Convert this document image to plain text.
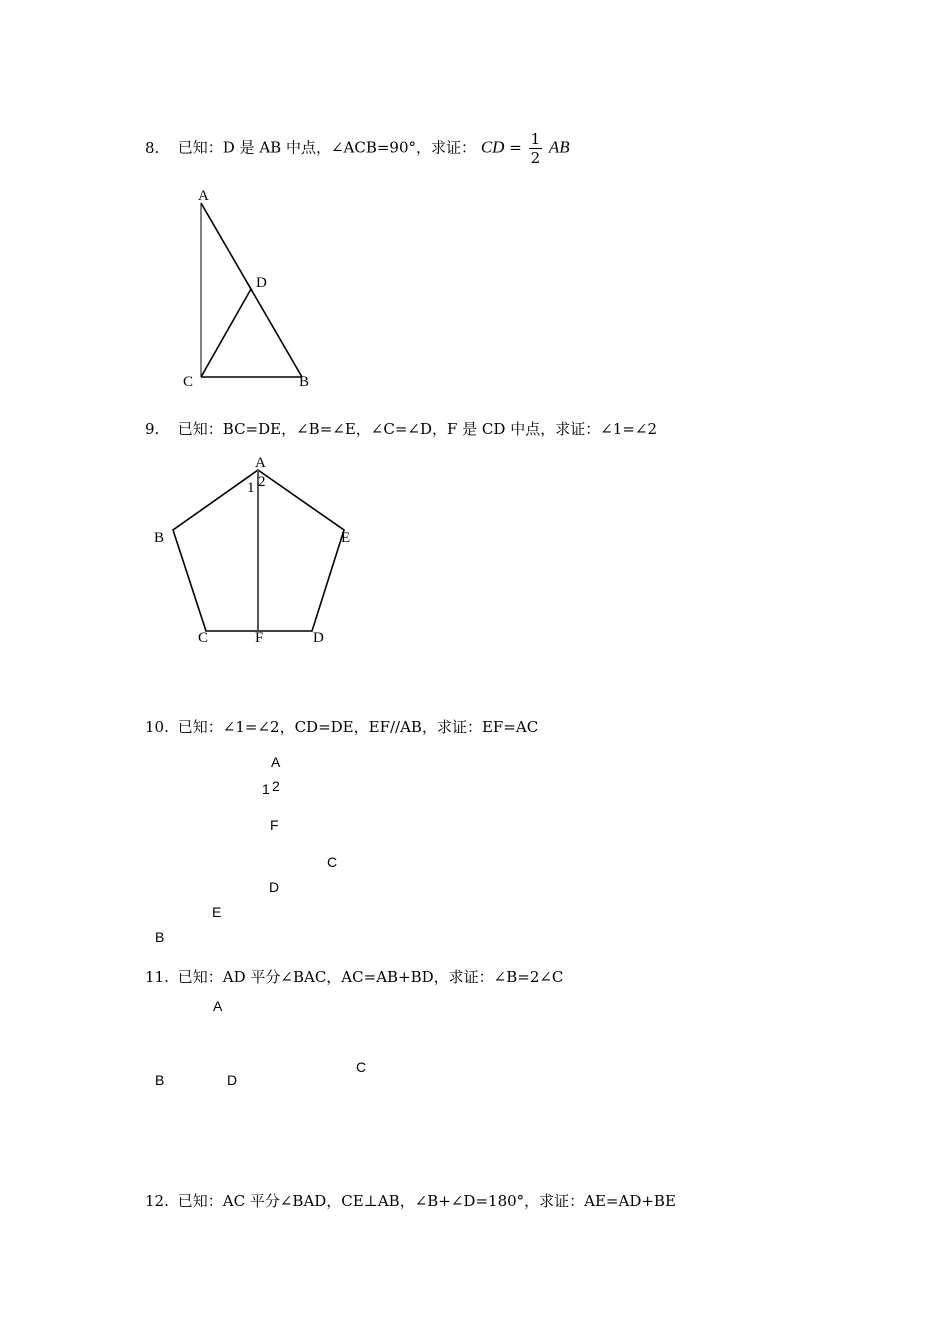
8. 已知：D 是 AB 中点，∠ACB=90°，求证： CD = $\frac{1}{2}$ AB
A
D
C	B
9. 已知：BC=DE，∠B=∠E，∠C=∠D，F 是 CD 中点，求证：∠1=∠2
A
1 2
B	E
C	F	D
10. 已知：∠1=∠2，CD=DE，EF//AB，求证：EF=AC
A
1 2
F
C
D
E
B
11. 已知：AD 平分∠BAC，AC=AB+BD，求证：∠B=2∠C
A
C
B	D
12. 已知：AC 平分∠BAD，CE⊥AB，∠B+∠D=180°，求证：AE=AD+BE
